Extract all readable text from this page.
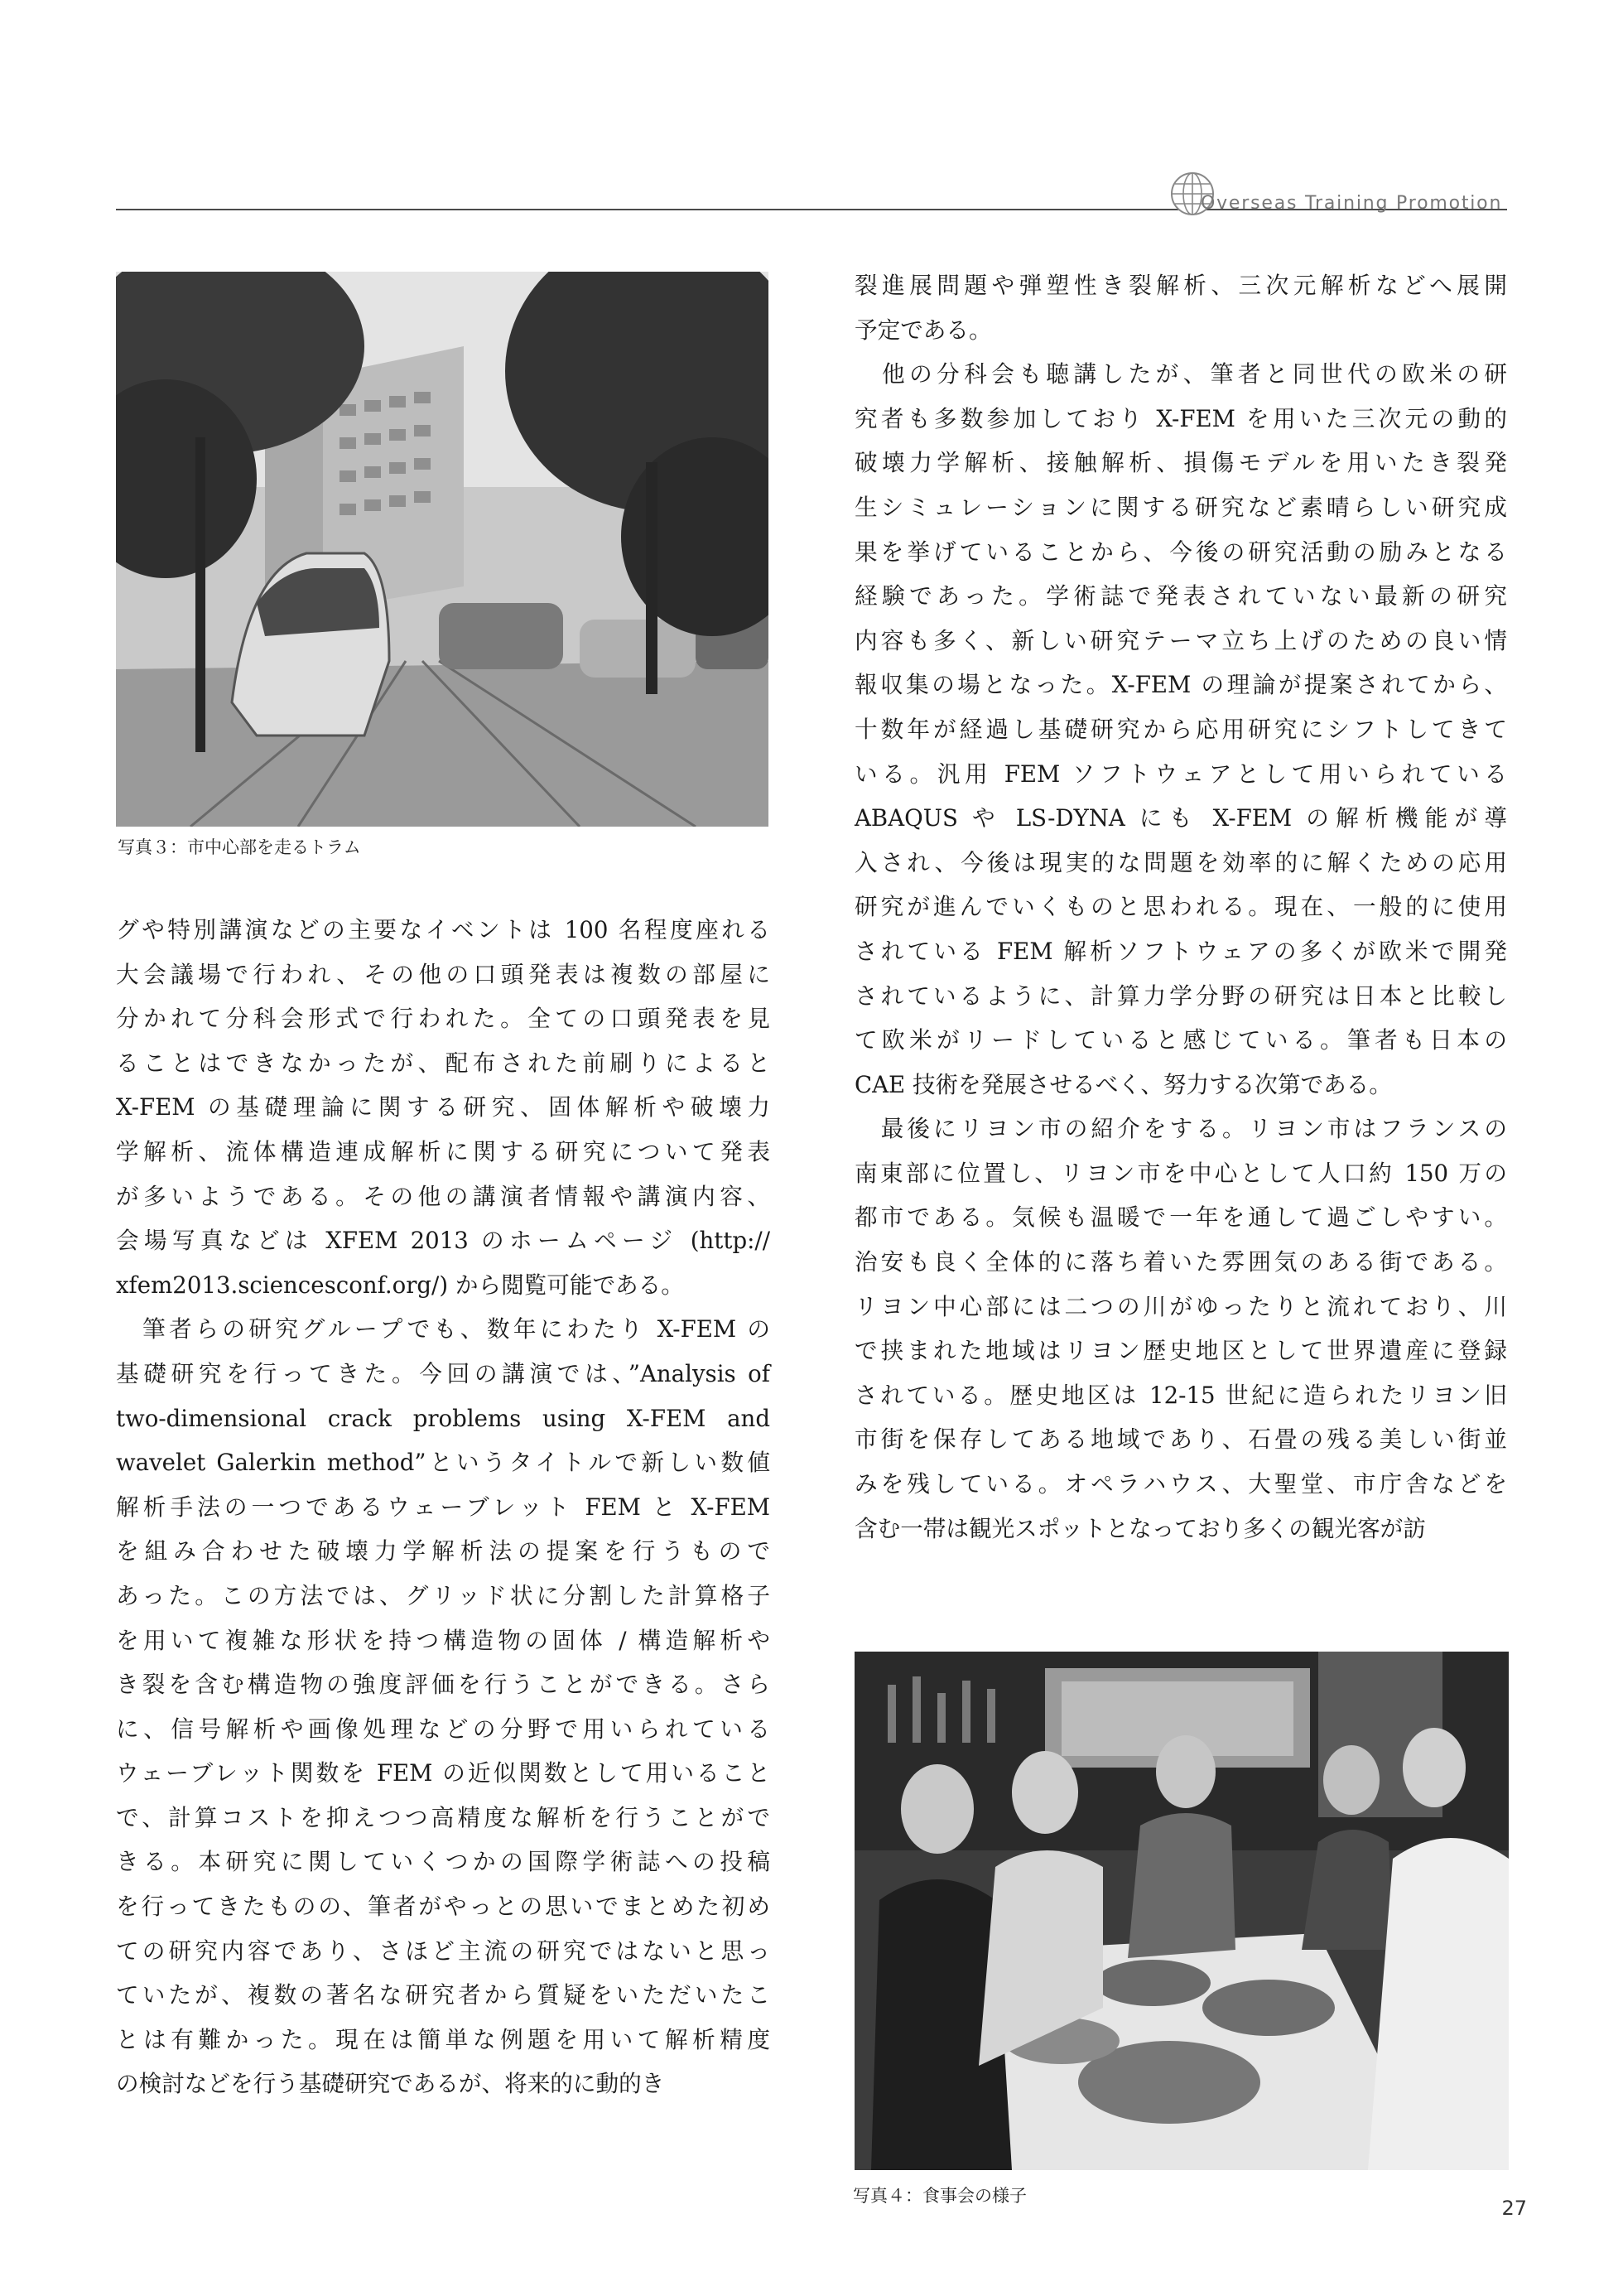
Overseas Training Promotion
写真３：市中心部を走るトラム
グや特別講演などの主要なイベントは 100 名程度座れる
大会議場で行われ、その他の口頭発表は複数の部屋に
分かれて分科会形式で行われた。全ての口頭発表を見
ることはできなかったが、配布された前刷りによると
X-FEM の基礎理論に関する研究、固体解析や破壊力
学解析、流体構造連成解析に関する研究について発表
が多いようである。その他の講演者情報や講演内容、
会場写真などは XFEM 2013 のホームページ (http://
xfem2013.sciencesconf.org/) から閲覧可能である。
　筆者らの研究グループでも、数年にわたり X-FEM の
基礎研究を行ってきた。今回の講演では、”Analysis of
two-dimensional crack problems using X-FEM and
wavelet Galerkin method”というタイトルで新しい数値
解析手法の一つであるウェーブレット FEM と X-FEM
を組み合わせた破壊力学解析法の提案を行うもので
あった。この方法では、グリッド状に分割した計算格子
を用いて複雑な形状を持つ構造物の固体 / 構造解析や
き裂を含む構造物の強度評価を行うことができる。さら
に、信号解析や画像処理などの分野で用いられている
ウェーブレット関数を FEM の近似関数として用いること
で、計算コストを抑えつつ高精度な解析を行うことがで
きる。本研究に関していくつかの国際学術誌への投稿
を行ってきたものの、筆者がやっとの思いでまとめた初め
ての研究内容であり、さほど主流の研究ではないと思っ
ていたが、複数の著名な研究者から質疑をいただいたこ
とは有難かった。現在は簡単な例題を用いて解析精度
の検討などを行う基礎研究であるが、将来的に動的き
裂進展問題や弾塑性き裂解析、三次元解析などへ展開
予定である。
　他の分科会も聴講したが、筆者と同世代の欧米の研
究者も多数参加しており X-FEM を用いた三次元の動的
破壊力学解析、接触解析、損傷モデルを用いたき裂発
生シミュレーションに関する研究など素晴らしい研究成
果を挙げていることから、今後の研究活動の励みとなる
経験であった。学術誌で発表されていない最新の研究
内容も多く、新しい研究テーマ立ち上げのための良い情
報収集の場となった。X-FEM の理論が提案されてから、
十数年が経過し基礎研究から応用研究にシフトしてきて
いる。汎用 FEM ソフトウェアとして用いられている
ABAQUS や LS-DYNA にも X-FEM の解析機能が導
入され、今後は現実的な問題を効率的に解くための応用
研究が進んでいくものと思われる。現在、一般的に使用
されている FEM 解析ソフトウェアの多くが欧米で開発
されているように、計算力学分野の研究は日本と比較し
て欧米がリードしていると感じている。筆者も日本の
CAE 技術を発展させるべく、努力する次第である。
　最後にリヨン市の紹介をする。リヨン市はフランスの
南東部に位置し、リヨン市を中心として人口約 150 万の
都市である。気候も温暖で一年を通して過ごしやすい。
治安も良く全体的に落ち着いた雰囲気のある街である。
リヨン中心部には二つの川がゆったりと流れており、川
で挟まれた地域はリヨン歴史地区として世界遺産に登録
されている。歴史地区は 12-15 世紀に造られたリヨン旧
市街を保存してある地域であり、石畳の残る美しい街並
みを残している。オペラハウス、大聖堂、市庁舎などを
含む一帯は観光スポットとなっており多くの観光客が訪
写真４：食事会の様子
27
